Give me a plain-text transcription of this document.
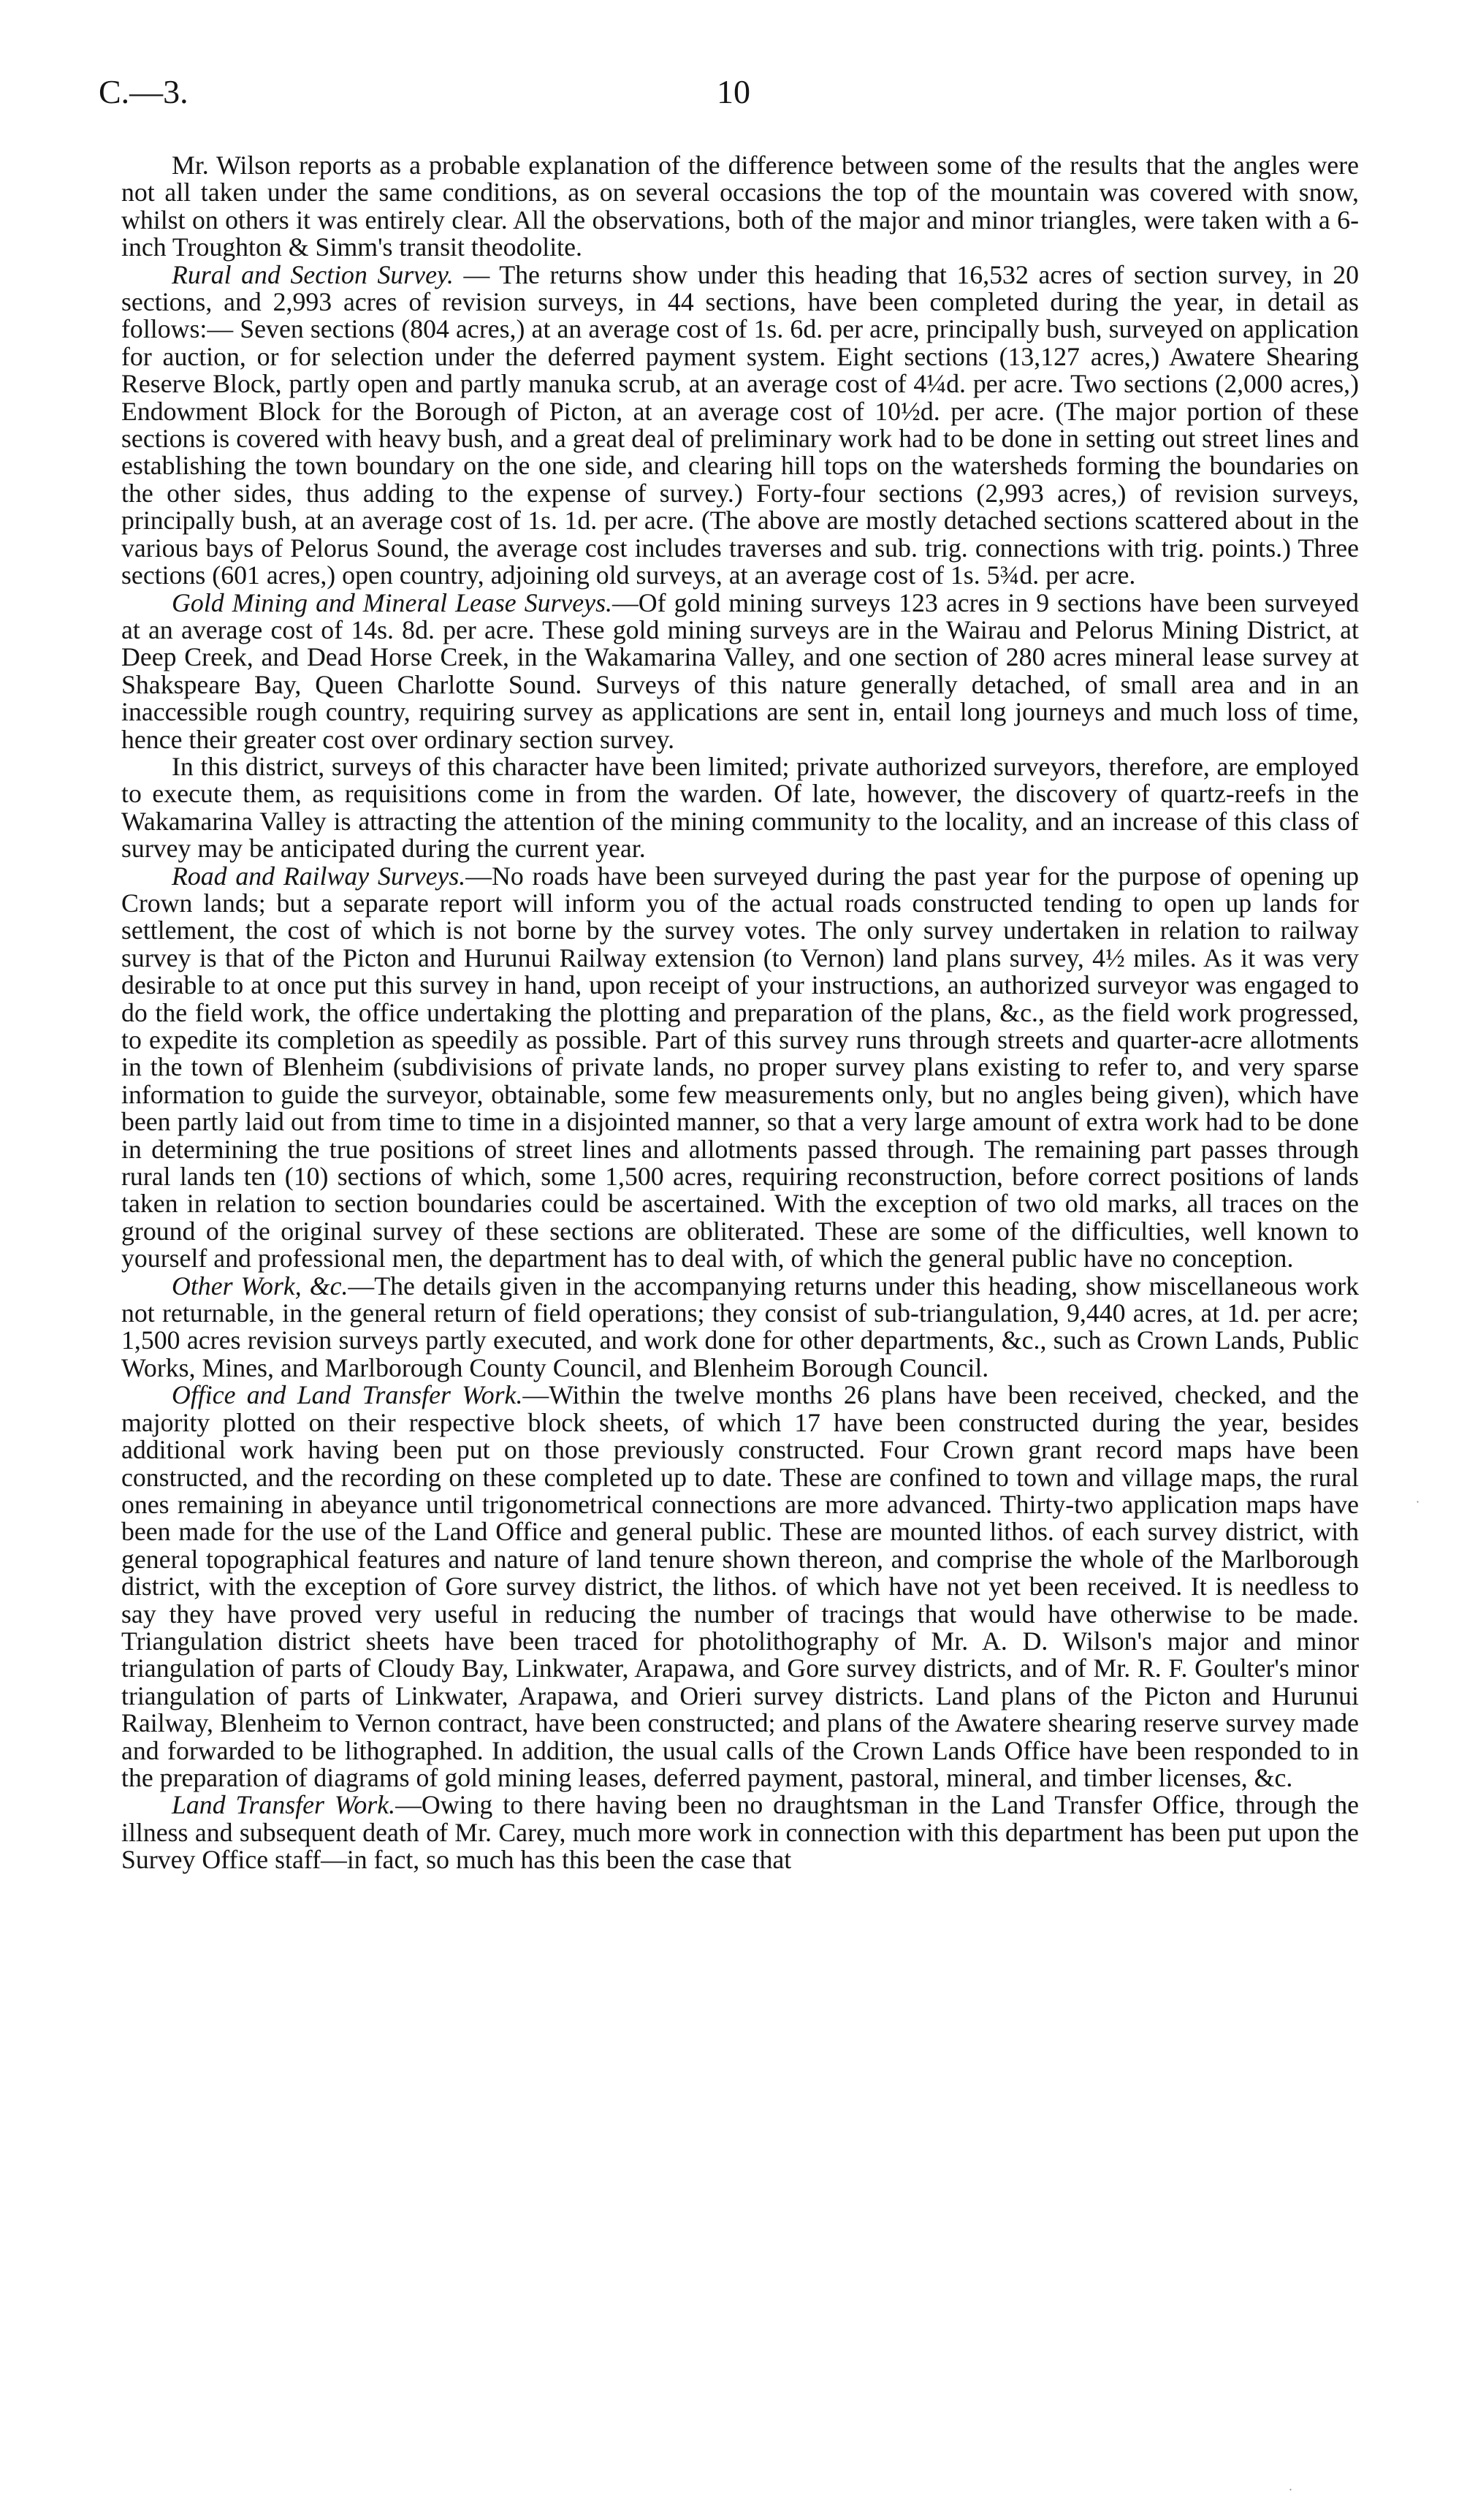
C.—3.	10

Mr. Wilson reports as a probable explanation of the difference between some of the results that the angles were not all taken under the same conditions, as on several occasions the top of the mountain was covered with snow, whilst on others it was entirely clear. All the observations, both of the major and minor triangles, were taken with a 6-inch Troughton & Simm's transit theodolite.

Rural and Section Survey. — The returns show under this heading that 16,532 acres of section survey, in 20 sections, and 2,993 acres of revision surveys, in 44 sections, have been completed during the year, in detail as follows:— Seven sections (804 acres,) at an average cost of 1s. 6d. per acre, principally bush, surveyed on application for auction, or for selection under the deferred payment system. Eight sections (13,127 acres,) Awatere Shearing Reserve Block, partly open and partly manuka scrub, at an average cost of 4¼d. per acre. Two sections (2,000 acres,) Endowment Block for the Borough of Picton, at an average cost of 10½d. per acre. (The major portion of these sections is covered with heavy bush, and a great deal of preliminary work had to be done in setting out street lines and establishing the town boundary on the one side, and clearing hill tops on the watersheds forming the boundaries on the other sides, thus adding to the expense of survey.) Forty-four sections (2,993 acres,) of revision surveys, principally bush, at an average cost of 1s. 1d. per acre. (The above are mostly detached sections scattered about in the various bays of Pelorus Sound, the average cost includes traverses and sub. trig. connections with trig. points.) Three sections (601 acres,) open country, adjoining old surveys, at an average cost of 1s. 5¾d. per acre.

Gold Mining and Mineral Lease Surveys.—Of gold mining surveys 123 acres in 9 sections have been surveyed at an average cost of 14s. 8d. per acre. These gold mining surveys are in the Wairau and Pelorus Mining District, at Deep Creek, and Dead Horse Creek, in the Wakamarina Valley, and one section of 280 acres mineral lease survey at Shakspeare Bay, Queen Charlotte Sound. Surveys of this nature generally detached, of small area and in an inaccessible rough country, requiring survey as applications are sent in, entail long journeys and much loss of time, hence their greater cost over ordinary section survey.

In this district, surveys of this character have been limited; private authorized surveyors, therefore, are employed to execute them, as requisitions come in from the warden. Of late, however, the discovery of quartz-reefs in the Wakamarina Valley is attracting the attention of the mining community to the locality, and an increase of this class of survey may be anticipated during the current year.

Road and Railway Surveys.—No roads have been surveyed during the past year for the purpose of opening up Crown lands; but a separate report will inform you of the actual roads constructed tending to open up lands for settlement, the cost of which is not borne by the survey votes. The only survey undertaken in relation to railway survey is that of the Picton and Hurunui Railway extension (to Vernon) land plans survey, 4½ miles. As it was very desirable to at once put this survey in hand, upon receipt of your instructions, an authorized surveyor was engaged to do the field work, the office undertaking the plotting and preparation of the plans, &c., as the field work progressed, to expedite its completion as speedily as possible. Part of this survey runs through streets and quarter-acre allotments in the town of Blenheim (subdivisions of private lands, no proper survey plans existing to refer to, and very sparse information to guide the surveyor, obtainable, some few measurements only, but no angles being given), which have been partly laid out from time to time in a disjointed manner, so that a very large amount of extra work had to be done in determining the true positions of street lines and allotments passed through. The remaining part passes through rural lands ten (10) sections of which, some 1,500 acres, requiring reconstruction, before correct positions of lands taken in relation to section boundaries could be ascertained. With the exception of two old marks, all traces on the ground of the original survey of these sections are obliterated. These are some of the difficulties, well known to yourself and professional men, the department has to deal with, of which the general public have no conception.

Other Work, &c.—The details given in the accompanying returns under this heading, show miscellaneous work not returnable, in the general return of field operations; they consist of sub-triangulation, 9,440 acres, at 1d. per acre; 1,500 acres revision surveys partly executed, and work done for other departments, &c., such as Crown Lands, Public Works, Mines, and Marlborough County Council, and Blenheim Borough Council.

Office and Land Transfer Work.—Within the twelve months 26 plans have been received, checked, and the majority plotted on their respective block sheets, of which 17 have been constructed during the year, besides additional work having been put on those previously constructed. Four Crown grant record maps have been constructed, and the recording on these completed up to date. These are confined to town and village maps, the rural ones remaining in abeyance until trigonometrical connections are more advanced. Thirty-two application maps have been made for the use of the Land Office and general public. These are mounted lithos. of each survey district, with general topographical features and nature of land tenure shown thereon, and comprise the whole of the Marlborough district, with the exception of Gore survey district, the lithos. of which have not yet been received. It is needless to say they have proved very useful in reducing the number of tracings that would have otherwise to be made. Triangulation district sheets have been traced for photolithography of Mr. A. D. Wilson's major and minor triangulation of parts of Cloudy Bay, Linkwater, Arapawa, and Gore survey districts, and of Mr. R. F. Goulter's minor triangulation of parts of Linkwater, Arapawa, and Orieri survey districts. Land plans of the Picton and Hurunui Railway, Blenheim to Vernon contract, have been constructed; and plans of the Awatere shearing reserve survey made and forwarded to be lithographed. In addition, the usual calls of the Crown Lands Office have been responded to in the preparation of diagrams of gold mining leases, deferred payment, pastoral, mineral, and timber licenses, &c.

Land Transfer Work.—Owing to there having been no draughtsman in the Land Transfer Office, through the illness and subsequent death of Mr. Carey, much more work in connection with this department has been put upon the Survey Office staff—in fact, so much has this been the case that

·
·
